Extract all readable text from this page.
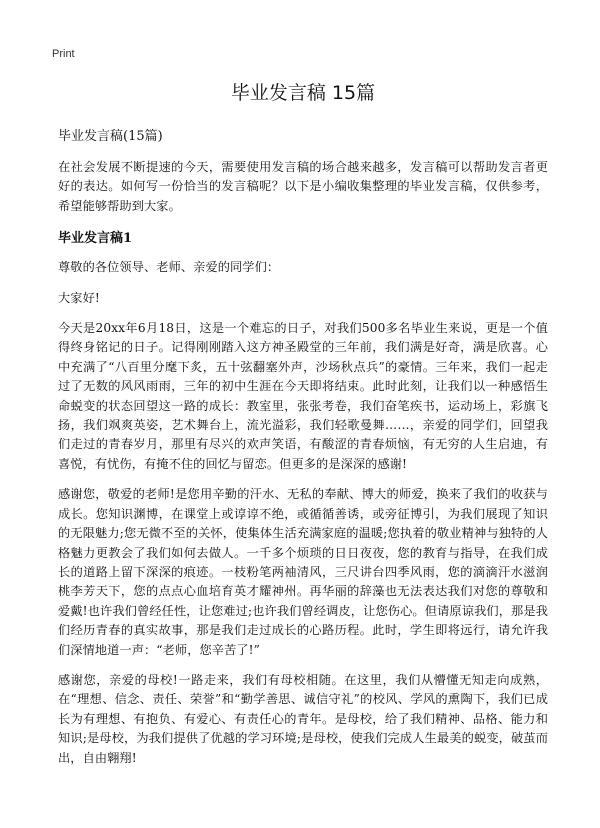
Print
毕业发言稿 15篇
毕业发言稿(15篇)

在社会发展不断提速的今天，需要使用发言稿的场合越来越多，发言稿可以帮助发言者更好的表达。如何写一份恰当的发言稿呢？以下是小编收集整理的毕业发言稿，仅供参考，希望能够帮助到大家。

毕业发言稿1

尊敬的各位领导、老师、亲爱的同学们：

大家好!

今天是20xx年6月18日，这是一个难忘的日子，对我们500多名毕业生来说，更是一个值得终身铭记的日子。记得刚刚踏入这方神圣殿堂的三年前，我们满是好奇，满是欣喜。心中充满了“八百里分麾下炙，五十弦翻塞外声，沙场秋点兵”的豪情。三年来，我们一起走过了无数的风风雨雨，三年的初中生涯在今天即将结束。此时此刻，让我们以一种感悟生命蜕变的状态回望这一路的成长：教室里，张张考卷，我们奋笔疾书，运动场上，彩旗飞扬，我们飒爽英姿，艺术舞台上，流光溢彩，我们轻歌曼舞……，亲爱的同学们，回望我们走过的青春岁月，那里有尽兴的欢声笑语，有酸涩的青春烦恼，有无穷的人生启迪，有喜悦，有忧伤，有掩不住的回忆与留恋。但更多的是深深的感谢!

感谢您，敬爱的老师!是您用辛勤的汗水、无私的奉献、博大的师爱，换来了我们的收获与成长。您知识渊博，在课堂上或谆谆不绝，或循循善诱，或旁征博引，为我们展现了知识的无限魅力;您无微不至的关怀，使集体生活充满家庭的温暖;您执着的敬业精神与独特的人格魅力更教会了我们如何去做人。一千多个烦琐的日日夜夜，您的教育与指导，在我们成长的道路上留下深深的痕迹。一枝粉笔两袖清风，三尺讲台四季风雨，您的滴滴汗水滋润桃李芳天下，您的点点心血培育英才耀神州。再华丽的辞藻也无法表达我们对您的尊敬和爱戴!也许我们曾经任性，让您难过;也许我们曾经调皮，让您伤心。但请原谅我们，那是我们经历青春的真实故事，那是我们走过成长的心路历程。此时，学生即将远行，请允许我们深情地道一声：“老师，您辛苦了!”

感谢您，亲爱的母校!一路走来，我们有母校相随。在这里，我们从懵懂无知走向成熟，在“理想、信念、责任、荣誉”和“勤学善思、诚信守礼”的校风、学风的熏陶下，我们已成长为有理想、有抱负、有爱心、有责任心的青年。是母校，给了我们精神、品格、能力和知识;是母校，为我们提供了优越的学习环境;是母校，使我们完成人生最美的蜕变，破茧而出，自由翱翔!
